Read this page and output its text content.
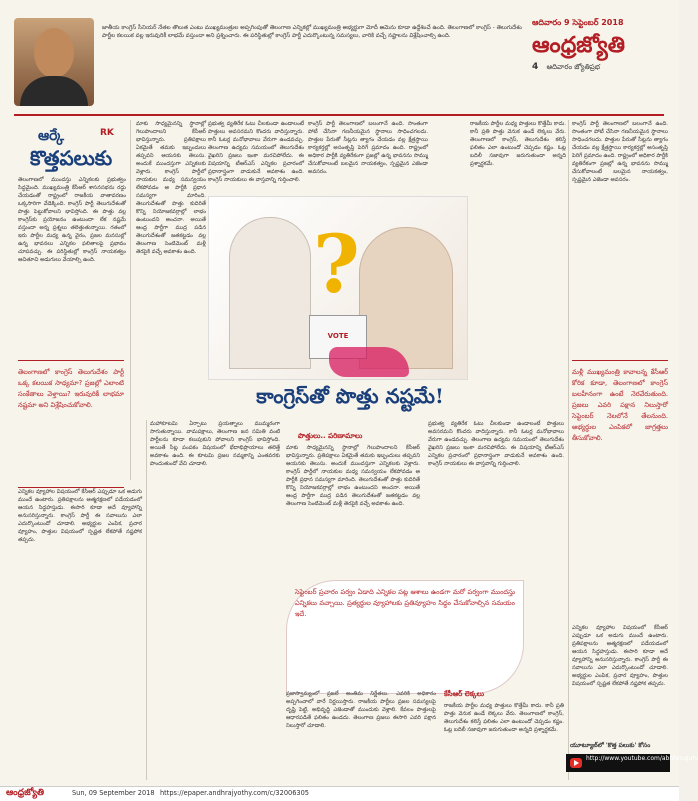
జాతీయ కాంగ్రెస్ సీనియర్ నేతల తొలుత ఎంటు ముఖ్యమంత్రుల అప్పగింపుతో తెలంగాణ ఎన్నికల్లో ముఖ్యమంత్రి అభ్యర్థుగా మోదీ ఆమెను కూడా ఉద్దేశించే ఉంది. తెలంగాణలో కాంగ్రెస్ - తెలుగుదేశం పార్టీల కలయిక వల్ల ఇరువురికీ లాభమే వస్తుందా అని ప్రశ్నించారు. ఈ పరిస్థితుల్లో కాంగ్రెస్ పార్టీ ఎదుర్కొంటున్న సమస్యలు, వారికి వచ్చే నష్టాలను విశ్లేషించాల్సి ఉంది.
ఆదివారం 9 సెప్టెంబర్ 2018
ఆంధ్రజ్యోతి
4 ఆదివారం జ్యోతిప్రభ
ఆర్కే	RK
కొత్తపలుకు
తెలంగాణలో ముందస్తు ఎన్నికలకు ప్రభుత్వం సిద్ధమైంది. ముఖ్యమంత్రి కేసీఆర్ శాసనసభను రద్దు చేయడంతో రాష్ట్రంలో రాజకీయ వాతావరణం ఒక్కసారిగా వేడెక్కింది. కాంగ్రెస్ పార్టీ తెలుగుదేశంతో పొత్తు పెట్టుకోవాలని భావిస్తోంది. ఈ పొత్తు వల్ల కాంగ్రెస్‌కు ప్రయోజనం ఉంటుందా లేక నష్టమే వస్తుందా అన్న ప్రశ్నలు తలెత్తుతున్నాయి. గతంలో ఇరు పార్టీల మధ్య ఉన్న వైరం, ప్రజల మనసుల్లో ఉన్న భావనలు ఎన్నికల ఫలితాలపై ప్రభావం చూపవచ్చు. ఈ పరిస్థితుల్లో కాంగ్రెస్ నాయకత్వం ఆచితూచి అడుగులు వేయాల్సి ఉంది.
మాకు సాధ్యమైనన్ని స్థానాల్లో గెలుపొందాలని కేసీఆర్ భావిస్తున్నారు. ప్రతిపక్షాలు ఏకమైతే తమకు ఇబ్బందులు తప్పవని ఆయనకు తెలుసు. అందుకే ముందస్తుగా ఎన్నికలకు వెళ్లారు. కాంగ్రెస్ పార్టీలో నాయకుల మధ్య సమన్వయం లేకపోవడం ఆ పార్టీకి ప్రధాన సమస్యగా మారింది. తెలుగుదేశంతో పొత్తు కుదిరితే కొన్ని నియోజకవర్గాల్లో లాభం ఉంటుందని అంచనా. అయితే ఆంధ్ర పార్టీగా ముద్ర పడిన తెలుగుదేశంతో జతకట్టడం వల్ల తెలంగాణ సెంటిమెంట్ మళ్లీ తెరపైకి వచ్చే అవకాశం ఉంది.
ప్రభుత్వ వ్యతిరేక ఓటు చీలకుండా ఉండాలంటే పొత్తులు అవసరమని కొందరు వాదిస్తున్నారు. కానీ ఓటర్ల మనోభావాలు వేరుగా ఉండవచ్చు. తెలంగాణ ఉద్యమ సమయంలో తెలుగుదేశం వైఖరిని ప్రజలు ఇంకా మరచిపోలేదు. ఈ విషయాన్ని టీఆర్ఎస్ ఎన్నికల ప్రచారంలో ప్రధానాస్త్రంగా వాడుకునే అవకాశం ఉంది. కాంగ్రెస్ నాయకులు ఈ వాస్తవాన్ని గుర్తించాలి.
కాంగ్రెస్ పార్టీ తెలంగాణలో బలంగానే ఉంది. సొంతంగా పోటీ చేసినా గణనీయమైన స్థానాలు సాధించగలదు. పొత్తుల పేరుతో సీట్లను త్యాగం చేయడం వల్ల క్షేత్రస్థాయి కార్యకర్తల్లో అసంతృప్తి పెరిగే ప్రమాదం ఉంది. రాష్ట్రంలో అధికార పార్టీకి వ్యతిరేకంగా ప్రజల్లో ఉన్న భావనను సొమ్ము చేసుకోవాలంటే బలమైన నాయకత్వం, స్పష్టమైన ఎజెండా అవసరం.
రాజకీయ పార్టీల మధ్య పొత్తులు కొత్తేమీ కాదు. కానీ ప్రతి పొత్తు వెనుక ఉండే లెక్కలు వేరు. తెలంగాణలో కాంగ్రెస్, తెలుగుదేశం కలిస్తే ఫలితం ఎలా ఉంటుందో చెప్పడం కష్టం. ఓట్ల బదిలీ సజావుగా జరుగుతుందా అన్నది ప్రశ్నార్థకమే.
కాంగ్రెస్ పార్టీ తెలంగాణలో బలంగానే ఉంది. సొంతంగా పోటీ చేసినా గణనీయమైన స్థానాలు సాధించగలదు. పొత్తుల పేరుతో సీట్లను త్యాగం చేయడం వల్ల క్షేత్రస్థాయి కార్యకర్తల్లో అసంతృప్తి పెరిగే ప్రమాదం ఉంది. రాష్ట్రంలో అధికార పార్టీకి వ్యతిరేకంగా ప్రజల్లో ఉన్న భావనను సొమ్ము చేసుకోవాలంటే బలమైన నాయకత్వం, స్పష్టమైన ఎజెండా అవసరం.
తెలంగాణలో కాంగ్రెస్ తెలుగుదేశం పార్టీ ఒక్క కలయిక సాధ్యమా? ప్రజల్లో ఎలాంటి సంకేతాలు వెళ్తాయి? ఇరువురికీ లాభమా నష్టమా అని విశ్లేషించుకోవాలి.
మళ్లీ ముఖ్యమంత్రి కావాలన్న కేసీఆర్ కోరిక కూడా, తెలంగాణలో కాంగ్రెస్ బలహీనంగా ఉంటే నెరవేరుతుంది. ప్రజలు ఎవరి పక్షాన నిలుస్తారో సెప్టెంబర్ నెలలోనే తేలనుంది. అభ్యర్థుల ఎంపికలో జాగ్రత్తలు తీసుకోవాలి.
?
VOTE
కాంగ్రెస్‌తో పొత్తు నష్టమే!
ఎన్నికల వ్యూహాల విషయంలో కేసీఆర్ ఎప్పుడూ ఒక అడుగు ముందే ఉంటారు. ప్రతిపక్షాలను ఆత్మరక్షణలో పడేయడంలో ఆయన సిద్ధహస్తుడు. ఈసారి కూడా అదే వ్యూహాన్ని అనుసరిస్తున్నారు. కాంగ్రెస్ పార్టీ ఈ సవాలును ఎలా ఎదుర్కొంటుందో చూడాలి. అభ్యర్థుల ఎంపిక, ప్రచార వ్యూహం, పొత్తుల విషయంలో స్పష్టత లేకపోతే నష్టపోక తప్పదు.
మహాకూటమి ఏర్పాటు ప్రయత్నాలు ముమ్మరంగా సాగుతున్నాయి. వామపక్షాలు, తెలంగాణ జన సమితి వంటి పార్టీలను కూడా కలుపుకుని పోవాలని కాంగ్రెస్ భావిస్తోంది. అయితే సీట్ల పంపకం విషయంలో భేదాభిప్రాయాలు తలెత్తే అవకాశం ఉంది. ఈ కూటమి ప్రజల నమ్మకాన్ని ఎంతవరకు పొందుతుందో వేచి చూడాలి.
పొత్తులు.. పరిణామాలు
మాకు సాధ్యమైనన్ని స్థానాల్లో గెలుపొందాలని కేసీఆర్ భావిస్తున్నారు. ప్రతిపక్షాలు ఏకమైతే తమకు ఇబ్బందులు తప్పవని ఆయనకు తెలుసు. అందుకే ముందస్తుగా ఎన్నికలకు వెళ్లారు. కాంగ్రెస్ పార్టీలో నాయకుల మధ్య సమన్వయం లేకపోవడం ఆ పార్టీకి ప్రధాన సమస్యగా మారింది. తెలుగుదేశంతో పొత్తు కుదిరితే కొన్ని నియోజకవర్గాల్లో లాభం ఉంటుందని అంచనా. అయితే ఆంధ్ర పార్టీగా ముద్ర పడిన తెలుగుదేశంతో జతకట్టడం వల్ల తెలంగాణ సెంటిమెంట్ మళ్లీ తెరపైకి వచ్చే అవకాశం ఉంది.
ప్రభుత్వ వ్యతిరేక ఓటు చీలకుండా ఉండాలంటే పొత్తులు అవసరమని కొందరు వాదిస్తున్నారు. కానీ ఓటర్ల మనోభావాలు వేరుగా ఉండవచ్చు. తెలంగాణ ఉద్యమ సమయంలో తెలుగుదేశం వైఖరిని ప్రజలు ఇంకా మరచిపోలేదు. ఈ విషయాన్ని టీఆర్ఎస్ ఎన్నికల ప్రచారంలో ప్రధానాస్త్రంగా వాడుకునే అవకాశం ఉంది. కాంగ్రెస్ నాయకులు ఈ వాస్తవాన్ని గుర్తించాలి.
సెప్టెంబర్ ప్రచారం పర్వం ఏడాది ఎన్నికల పట్ల ఆశాలు ఉండగా మరో పర్వంగా ముందస్తు ఎన్నికలు వచ్చాయి. ప్రత్యర్థుల వ్యూహాలకు ప్రతివ్యూహం సిద్ధం చేసుకోవాల్సిన సమయం ఇదే.
ప్రజాస్వామ్యంలో ప్రజలే అంతిమ నిర్ణేతలు. ఎవరికి అధికారం అప్పగించాలో వారే నిర్ణయిస్తారు. రాజకీయ పార్టీలు ప్రజల సమస్యలపై దృష్టి పెట్టి, అభివృద్ధి ఎజెండాతో ముందుకు వెళ్లాలి. కేవలం పొత్తులపై ఆధారపడితే ఫలితం ఉండదు. తెలంగాణ ప్రజలు ఈసారి ఎవరి పక్షాన నిలుస్తారో చూడాలి.
కేసీఆర్ లెక్కలు
రాజకీయ పార్టీల మధ్య పొత్తులు కొత్తేమీ కాదు. కానీ ప్రతి పొత్తు వెనుక ఉండే లెక్కలు వేరు. తెలంగాణలో కాంగ్రెస్, తెలుగుదేశం కలిస్తే ఫలితం ఎలా ఉంటుందో చెప్పడం కష్టం. ఓట్ల బదిలీ సజావుగా జరుగుతుందా అన్నది ప్రశ్నార్థకమే.
ఎన్నికల వ్యూహాల విషయంలో కేసీఆర్ ఎప్పుడూ ఒక అడుగు ముందే ఉంటారు. ప్రతిపక్షాలను ఆత్మరక్షణలో పడేయడంలో ఆయన సిద్ధహస్తుడు. ఈసారి కూడా అదే వ్యూహాన్ని అనుసరిస్తున్నారు. కాంగ్రెస్ పార్టీ ఈ సవాలును ఎలా ఎదుర్కొంటుందో చూడాలి. అభ్యర్థుల ఎంపిక, ప్రచార వ్యూహం, పొత్తుల విషయంలో స్పష్టత లేకపోతే నష్టపోక తప్పదు.
యూట్యూబ్‌లో 'కొత్త పలుకు' కోసం
http://www.youtube.com/abntelugutv
ఆంధ్రజ్యోతి	Sun, 09 September 2018 https://epaper.andhrajyothy.com/c/32006305
